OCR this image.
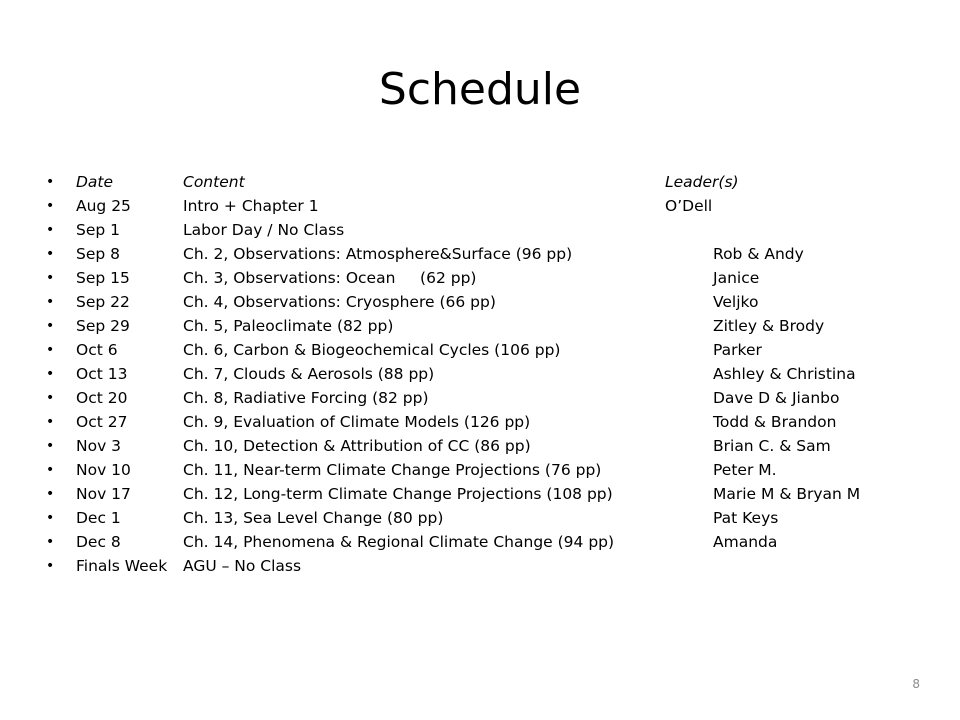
Schedule
• Date	Content	Leader(s)
• Aug 25	Intro + Chapter 1	O’Dell
• Sep 1	Labor Day / No Class
• Sep 8	Ch. 2, Observations: Atmosphere&Surface (96 pp)	Rob & Andy
• Sep 15	Ch. 3, Observations: Ocean     (62 pp)	Janice
• Sep 22	Ch. 4, Observations: Cryosphere (66 pp)	Veljko
• Sep 29	Ch. 5, Paleoclimate (82 pp)	Zitley & Brody
• Oct 6	Ch. 6, Carbon & Biogeochemical Cycles (106 pp)	Parker
• Oct 13	Ch. 7, Clouds & Aerosols (88 pp)	Ashley & Christina
• Oct 20	Ch. 8, Radiative Forcing (82 pp)	Dave D & Jianbo
• Oct 27	Ch. 9, Evaluation of Climate Models (126 pp)	Todd & Brandon
• Nov 3	Ch. 10, Detection & Attribution of CC (86 pp)	Brian C. & Sam
• Nov 10	Ch. 11, Near-term Climate Change Projections (76 pp)	Peter M.
• Nov 17	Ch. 12, Long-term Climate Change Projections (108 pp)	Marie M & Bryan M
• Dec 1	Ch. 13, Sea Level Change (80 pp)	Pat Keys
• Dec 8	Ch. 14, Phenomena & Regional Climate Change (94 pp)	Amanda
• Finals Week AGU – No Class
8
